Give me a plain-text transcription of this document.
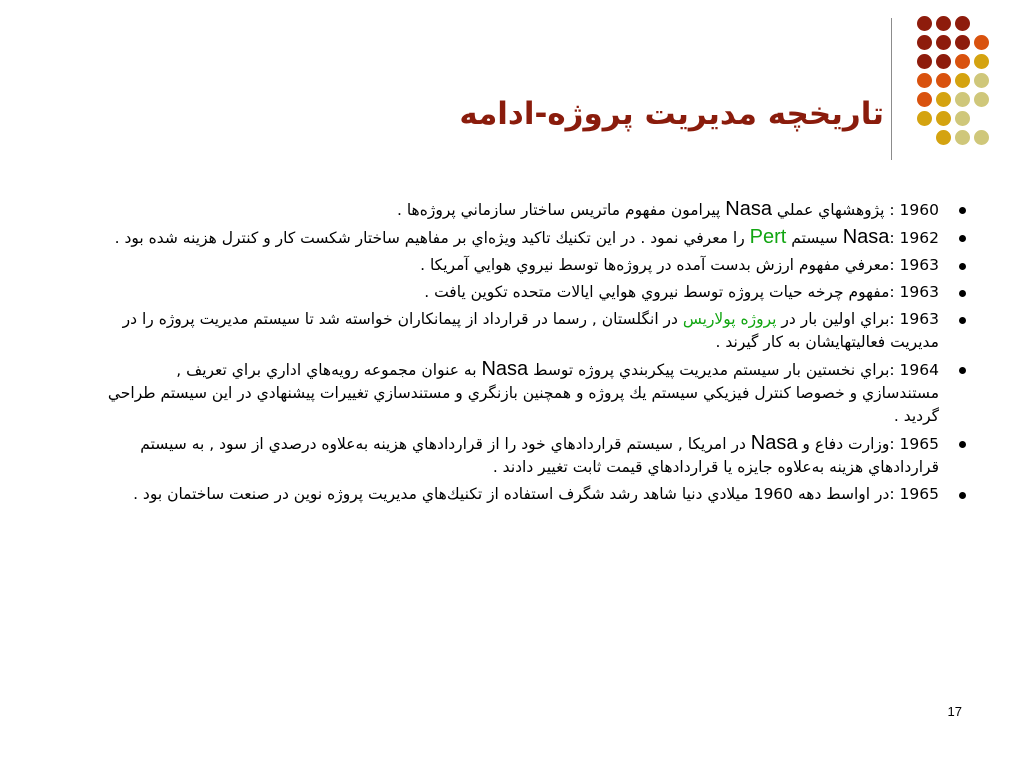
تاريخچه مديريت پروژه-ادامه
1960 : پژوهشهاي عملي Nasa پيرامون مفهوم ماتريس ساختار سازماني پروژه‌ها .
1962 :Nasa سيستم Pert را معرفي نمود . در اين تكنيك تاكيد ويژه‌اي بر مفاهيم ساختار شكست كار و كنترل هزينه شده بود .
1963 :معرفي مفهوم ارزش بدست آمده در پروژه‌ها توسط نيروي هوايي آمريكا .
1963 :مفهوم چرخه حيات پروژه توسط نيروي هوايي ايالات متحده تكوين يافت .
1963 :براي اولين بار در پروژه پولاريس در انگلستان , رسما در قرارداد از پيمانكاران خواسته شد تا سيستم مديريت پروژه را در مديريت فعاليتهايشان به كار گيرند .
1964 :براي نخستين بار سيستم مديريت پيكربندي پروژه توسط Nasa به عنوان مجموعه رويه‌هاي اداري براي تعريف , مستندسازي و خصوصا كنترل فيزيكي سيستم يك پروژه و همچنين بازنگري و مستندسازي تغييرات پيشنهادي در اين سيستم طراحي گرديد .
1965 :وزارت دفاع و Nasa در امريكا , سيستم قراردادهاي خود را از قراردادهاي هزينه به‌علاوه درصدي از سود , به سيستم قراردادهاي هزينه به‌علاوه جايزه يا قراردادهاي قيمت ثابت تغيير دادند .
1965 :در اواسط دهه 1960 ميلادي دنيا شاهد رشد شگرف استفاده از تكنيك‌هاي مديريت پروژه نوين در صنعت ساختمان بود .
17
